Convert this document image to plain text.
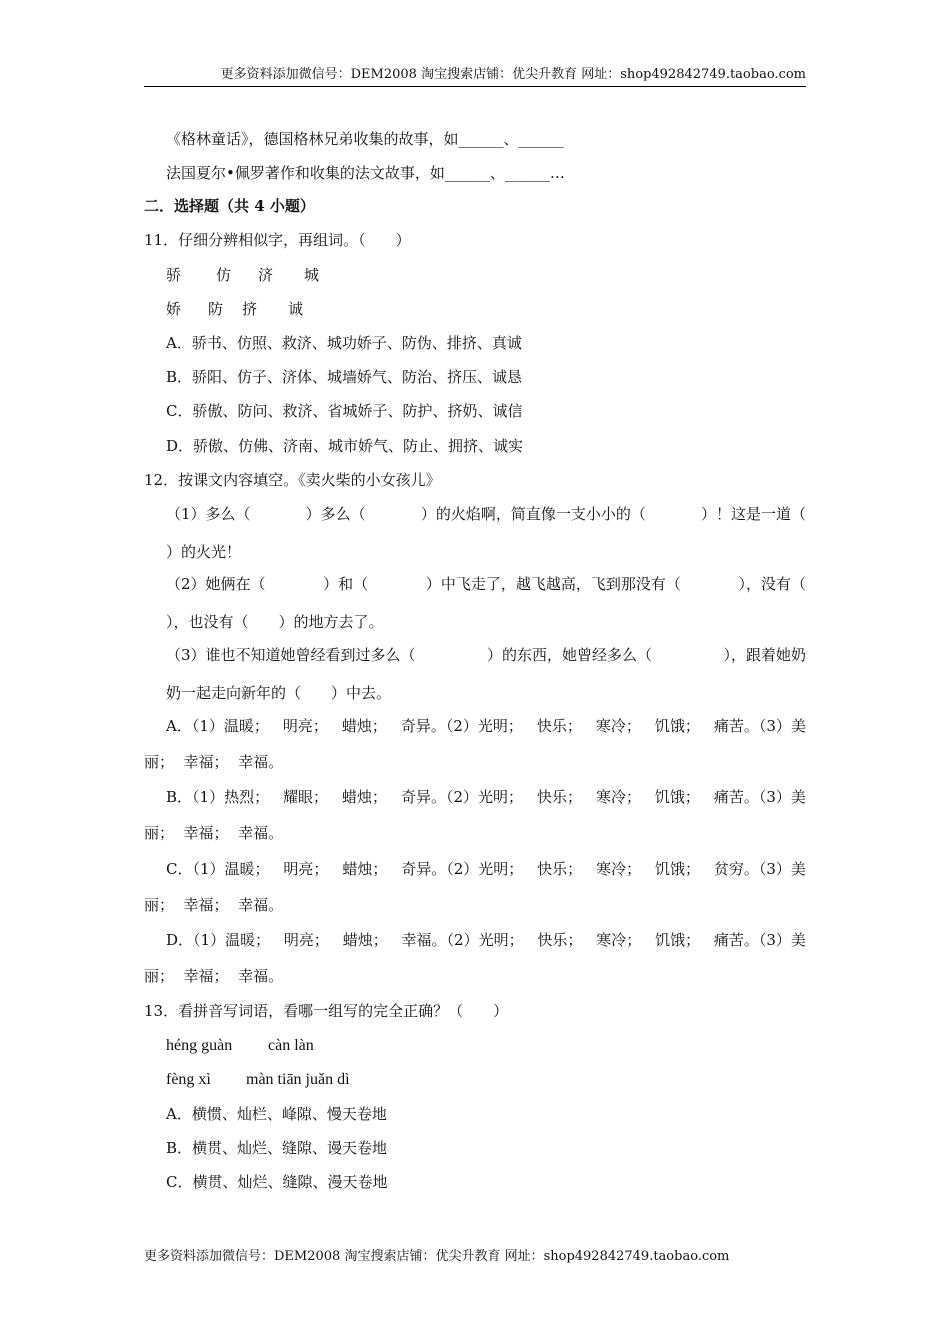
更多资料添加微信号：DEM2008 淘宝搜索店铺：优尖升教育 网址：shop492842749.taobao.com
《格林童话》，德国格林兄弟收集的故事，如______、______
法国夏尔•佩罗著作和收集的法文故事，如______、______…
二．选择题（共 4 小题）
11．仔细分辨相似字，再组词。（　　）
骄 仿 济 城
娇 防 挤 诚
A．骄书、仿照、救济、城功娇子、防伪、排挤、真诚
B．骄阳、仿子、济体、城墙娇气、防治、挤压、诚恳
C．骄傲、防问、救济、省城娇子、防护、挤奶、诚信
D．骄傲、仿佛、济南、城市娇气、防止、拥挤、诚实
12．按课文内容填空。《卖火柴的小女孩儿》
（1）多么（	）多么（	）的火焰啊，简直像一支小小的（	）！这是一道（
）的火光！
（2）她俩在（	）和（	）中飞走了，越飞越高，飞到那没有（	），没有（
），也没有（　　）的地方去了。
（3）谁也不知道她曾经看到过多么（	）的东西，她曾经多么（	），跟着她奶
奶一起走向新年的（　　）中去。
A．（1）温暖； 明亮； 蜡烛； 奇异。（2）光明； 快乐； 寒冷； 饥饿； 痛苦。（3）美
丽；  幸福；  幸福。
B．（1）热烈； 耀眼； 蜡烛； 奇异。（2）光明； 快乐； 寒冷； 饥饿； 痛苦。（3）美
丽；  幸福；  幸福。
C．（1）温暖； 明亮； 蜡烛； 奇异。（2）光明； 快乐； 寒冷； 饥饿； 贫穷。（3）美
丽；  幸福；  幸福。
D．（1）温暖； 明亮； 蜡烛； 幸福。（2）光明； 快乐； 寒冷； 饥饿； 痛苦。（3）美
丽；  幸福；  幸福。
13．看拼音写词语，看哪一组写的完全正确？（　　）
héng guàn càn làn
fèng xì màn tiān juǎn dì
A．横惯、灿栏、峰隙、慢天卷地
B．横贯、灿烂、缝隙、谩天卷地
C．横贯、灿烂、缝隙、漫天卷地
更多资料添加微信号：DEM2008 淘宝搜索店铺：优尖升教育 网址：shop492842749.taobao.com
